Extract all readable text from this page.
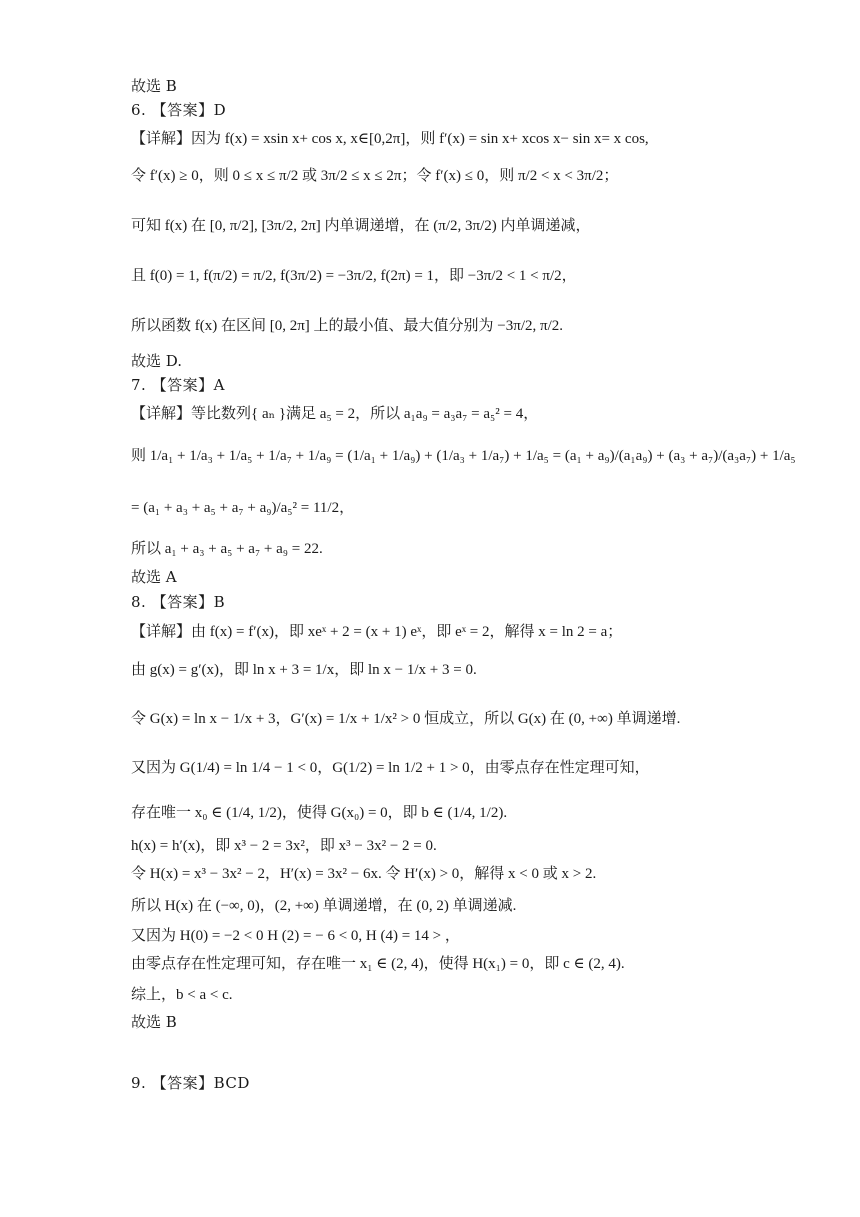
故选 B
6. 【答案】D
【详解】因为 f(x) = xsin x+ cos x, x∈[0,2π]，则 f′(x) = sin x+ xcos x− sin x= x cos,
令 f′(x) ≥ 0，则 0 ≤ x ≤ π/2 或 3π/2 ≤ x ≤ 2π；令 f′(x) ≤ 0，则 π/2 < x < 3π/2；
可知 f(x) 在 [0, π/2], [3π/2, 2π] 内单调递增，在 (π/2, 3π/2) 内单调递减，
且 f(0) = 1, f(π/2) = π/2, f(3π/2) = −3π/2, f(2π) = 1，即 −3π/2 < 1 < π/2，
所以函数 f(x) 在区间 [0, 2π] 上的最小值、最大值分别为 −3π/2, π/2.
故选 D.
7. 【答案】A
【详解】等比数列{ aₙ }满足 a₅ = 2，所以 a₁a₉ = a₃a₇ = a₅² = 4，
则 1/a₁ + 1/a₃ + 1/a₅ + 1/a₇ + 1/a₉ = (1/a₁ + 1/a₉) + (1/a₃ + 1/a₇) + 1/a₅ = (a₁ + a₉)/(a₁a₉) + (a₃ + a₇)/(a₃a₇) + 1/a₅
= (a₁ + a₃ + a₅ + a₇ + a₉)/a₅² = 11/2，
所以 a₁ + a₃ + a₅ + a₇ + a₉ = 22.
故选 A
8. 【答案】B
【详解】由 f(x) = f′(x)，即 xeˣ + 2 = (x + 1) eˣ，即 eˣ = 2，解得 x = ln 2 = a；
由 g(x) = g′(x)，即 ln x + 3 = 1/x，即 ln x − 1/x + 3 = 0.
令 G(x) = ln x − 1/x + 3，G′(x) = 1/x + 1/x² > 0 恒成立，所以 G(x) 在 (0, +∞) 单调递增.
又因为 G(1/4) = ln 1/4 − 1 < 0，G(1/2) = ln 1/2 + 1 > 0，由零点存在性定理可知，
存在唯一 x₀ ∈ (1/4, 1/2)，使得 G(x₀) = 0，即 b ∈ (1/4, 1/2).
h(x) = h′(x)，即 x³ − 2 = 3x²，即 x³ − 3x² − 2 = 0.
令 H(x) = x³ − 3x² − 2，H′(x) = 3x² − 6x. 令 H′(x) > 0，解得 x < 0 或 x > 2.
所以 H(x) 在 (−∞, 0)，(2, +∞) 单调递增，在 (0, 2) 单调递减.
又因为 H(0) = −2 < 0 H (2) = − 6 < 0, H (4) = 14 > ，
由零点存在性定理可知，存在唯一 x₁ ∈ (2, 4)，使得 H(x₁) = 0，即 c ∈ (2, 4).
综上，b < a < c.
故选 B
9. 【答案】BCD
